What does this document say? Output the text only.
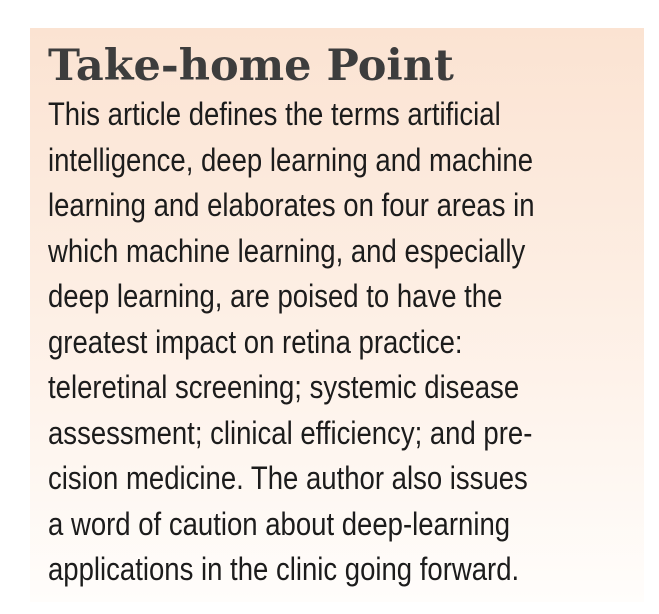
Take-home Point

This article defines the terms artificial
intelligence, deep learning and machine
learning and elaborates on four areas in
which machine learning, and especially
deep learning, are poised to have the
greatest impact on retina practice:
teleretinal screening; systemic disease
assessment; clinical efficiency; and pre-
cision medicine. The author also issues
a word of caution about deep-learning
applications in the clinic going forward.
